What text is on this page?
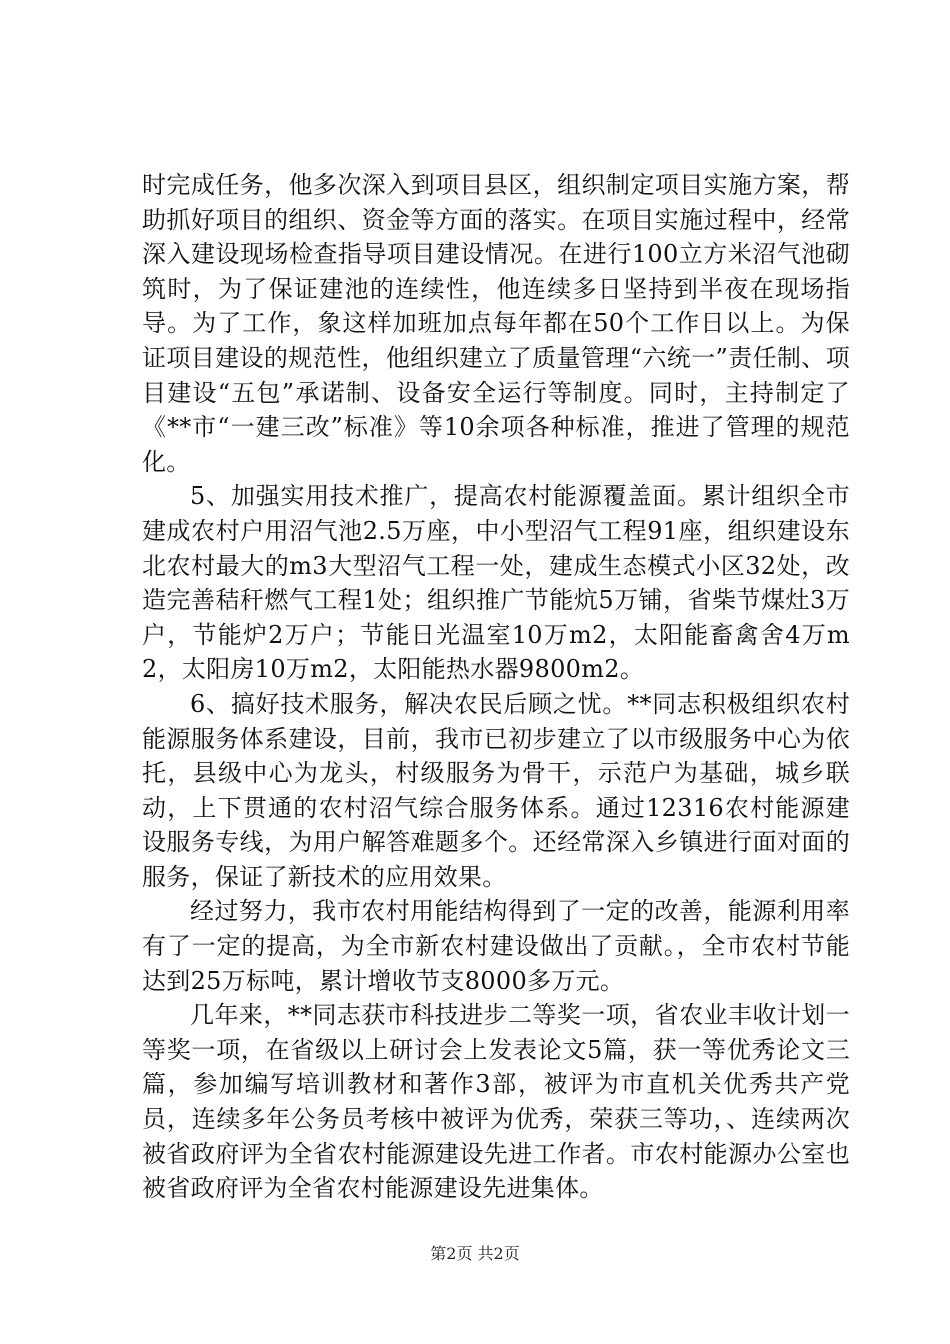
时完成任务，他多次深入到项目县区，组织制定项目实施方案，帮助抓好项目的组织、资金等方面的落实。在项目实施过程中，经常深入建设现场检查指导项目建设情况。在进行100立方米沼气池砌筑时，为了保证建池的连续性，他连续多日坚持到半夜在现场指导。为了工作，象这样加班加点每年都在50个工作日以上。为保证项目建设的规范性，他组织建立了质量管理“六统一”责任制、项目建设“五包”承诺制、设备安全运行等制度。同时，主持制定了《**市“一建三改”标准》等10余项各种标准，推进了管理的规范化。

5、加强实用技术推广，提高农村能源覆盖面。累计组织全市建成农村户用沼气池2.5万座，中小型沼气工程91座，组织建设东北农村最大的m3大型沼气工程一处，建成生态模式小区32处，改造完善秸秆燃气工程1处；组织推广节能炕5万铺，省柴节煤灶3万户，节能炉2万户；节能日光温室10万m2，太阳能畜禽舍4万m2，太阳房10万m2，太阳能热水器9800m2。

6、搞好技术服务，解决农民后顾之忧。**同志积极组织农村能源服务体系建设，目前，我市已初步建立了以市级服务中心为依托，县级中心为龙头，村级服务为骨干，示范户为基础，城乡联动，上下贯通的农村沼气综合服务体系。通过12316农村能源建设服务专线，为用户解答难题多个。还经常深入乡镇进行面对面的服务，保证了新技术的应用效果。

经过努力，我市农村用能结构得到了一定的改善，能源利用率有了一定的提高，为全市新农村建设做出了贡献。，全市农村节能达到25万标吨，累计增收节支8000多万元。

几年来，**同志获市科技进步二等奖一项，省农业丰收计划一等奖一项，在省级以上研讨会上发表论文5篇，获一等优秀论文三篇，参加编写培训教材和著作3部，被评为市直机关优秀共产党员，连续多年公务员考核中被评为优秀，荣获三等功，、连续两次被省政府评为全省农村能源建设先进工作者。市农村能源办公室也被省政府评为全省农村能源建设先进集体。

第2页 共2页
